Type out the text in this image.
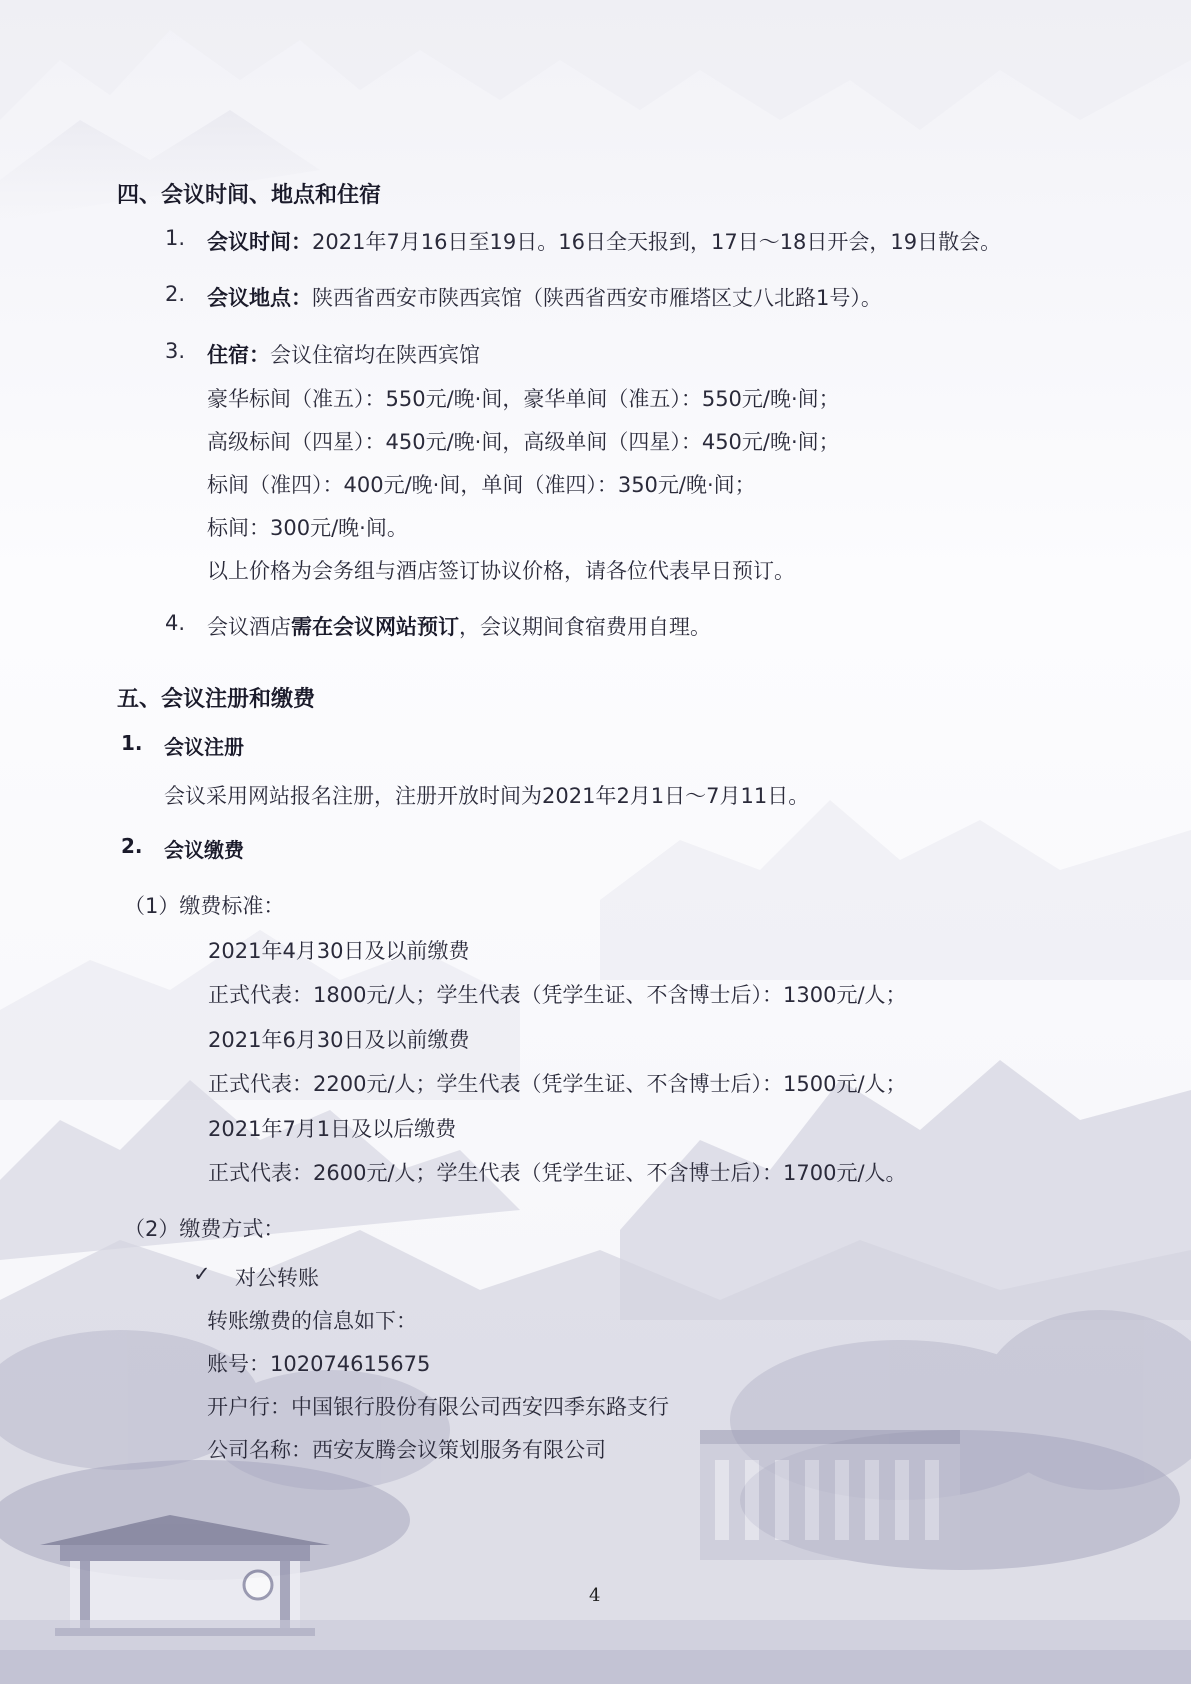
四、会议时间、地点和住宿
1. 会议时间：2021年7月16日至19日。16日全天报到，17日～18日开会，19日散会。
2. 会议地点：陕西省西安市陕西宾馆（陕西省西安市雁塔区丈八北路1号）。
3. 住宿：会议住宿均在陕西宾馆
豪华标间（准五）：550元/晚·间，豪华单间（准五）：550元/晚·间；
高级标间（四星）：450元/晚·间，高级单间（四星）：450元/晚·间；
标间（准四）：400元/晚·间，单间（准四）：350元/晚·间；
标间：300元/晚·间。
以上价格为会务组与酒店签订协议价格，请各位代表早日预订。
4. 会议酒店需在会议网站预订，会议期间食宿费用自理。
五、会议注册和缴费
1. 会议注册
会议采用网站报名注册，注册开放时间为2021年2月1日～7月11日。
2. 会议缴费
（1）缴费标准：
2021年4月30日及以前缴费
正式代表：1800元/人；学生代表（凭学生证、不含博士后）：1300元/人；
2021年6月30日及以前缴费
正式代表：2200元/人；学生代表（凭学生证、不含博士后）：1500元/人；
2021年7月1日及以后缴费
正式代表：2600元/人；学生代表（凭学生证、不含博士后）：1700元/人。
（2）缴费方式：
✓ 对公转账
转账缴费的信息如下：
账号：102074615675
开户行：中国银行股份有限公司西安四季东路支行
公司名称：西安友腾会议策划服务有限公司
4
